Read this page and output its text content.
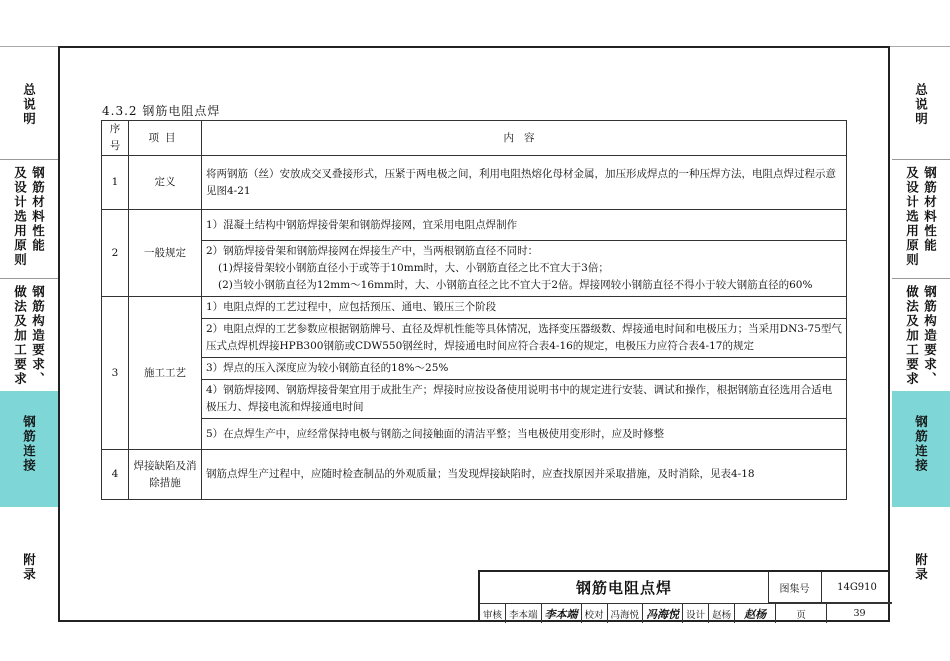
总说明
钢筋材料性能
及设计选用原则
钢筋构造要求、
做法及加工要求
钢筋连接
附录
总说明
钢筋材料性能
及设计选用原则
钢筋构造要求、
做法及加工要求
钢筋连接
附录
4.3.2 钢筋电阻点焊
序号	项目	内容
1	定义	将两钢筋（丝）安放成交叉叠接形式，压紧于两电极之间，利用电阻热熔化母材金属，加压形成焊点的一种压焊方法，电阻点焊过程示意见图4-21
2	一般规定	1）混凝土结构中钢筋焊接骨架和钢筋焊接网，宜采用电阻点焊制作

		2）钢筋焊接骨架和钢筋焊接网在焊接生产中，当两根钢筋直径不同时：
(1)焊接骨架较小钢筋直径小于或等于10mm时，大、小钢筋直径之比不宜大于3倍；
(2)当较小钢筋直径为12mm～16mm时，大、小钢筋直径之比不宜大于2倍。焊接网较小钢筋直径不得小于较大钢筋直径的60%

3	施工工艺	1）电阻点焊的工艺过程中，应包括预压、通电、锻压三个阶段
		2）电阻点焊的工艺参数应根据钢筋牌号、直径及焊机性能等具体情况，选择变压器级数、焊接通电时间和电极压力；当采用DN3-75型气压式点焊机焊接HPB300钢筋或CDW550钢丝时，焊接通电时间应符合表4-16的规定，电极压力应符合表4-17的规定
		3）焊点的压入深度应为较小钢筋直径的18%～25%
		4）钢筋焊接网、钢筋焊接骨架宜用于成批生产；焊接时应按设备使用说明书中的规定进行安装、调试和操作，根据钢筋直径选用合适电极压力、焊接电流和焊接通电时间
		5）在点焊生产中，应经常保持电极与钢筋之间接触面的清洁平整；当电极使用变形时，应及时修整
4	焊接缺陷及消除措施	钢筋点焊生产过程中，应随时检查制品的外观质量；当发现焊接缺陷时，应查找原因并采取措施，及时消除，见表4-18
钢筋电阻点焊	图集号	14G910
审核 李本端 李本端 校对 冯海悦 冯海悦 设计 赵杨	赵杨	页	39
